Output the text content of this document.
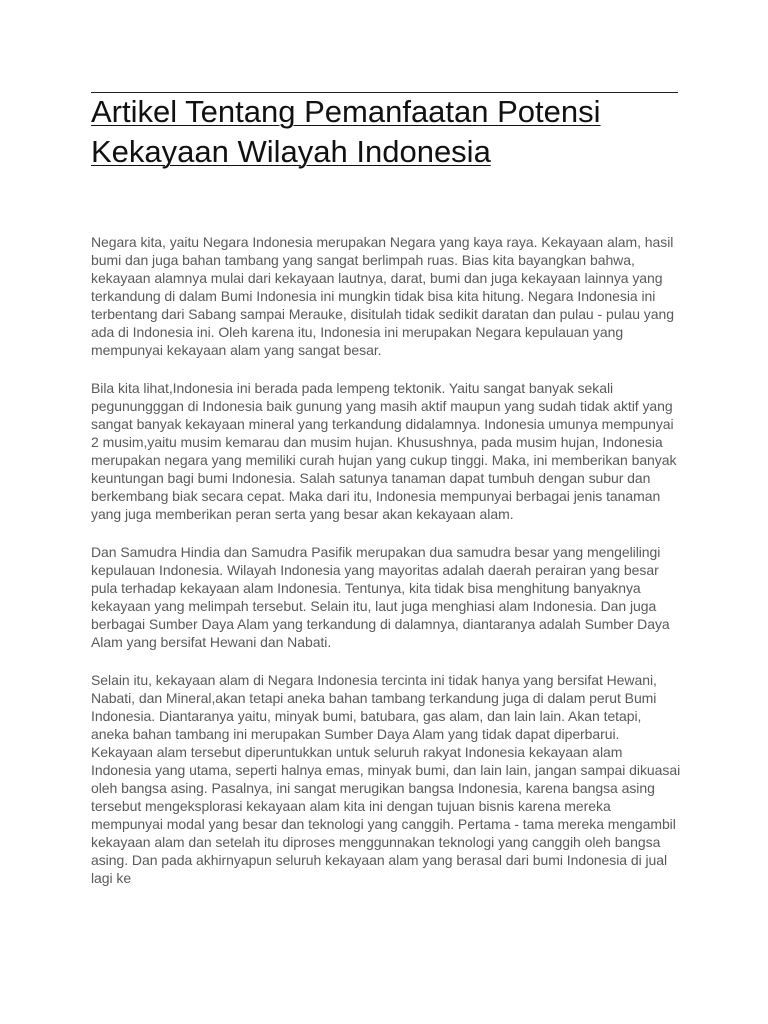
Artikel Tentang Pemanfaatan Potensi Kekayaan Wilayah Indonesia

Negara kita, yaitu Negara Indonesia merupakan Negara yang kaya raya. Kekayaan alam, hasil bumi dan juga bahan tambang yang sangat berlimpah ruas. Bias kita bayangkan bahwa, kekayaan alamnya mulai dari kekayaan lautnya, darat, bumi dan juga kekayaan lainnya yang terkandung di dalam Bumi Indonesia ini mungkin tidak bisa kita hitung. Negara Indonesia ini terbentang dari Sabang sampai Merauke, disitulah tidak sedikit daratan dan pulau - pulau yang ada di Indonesia ini. Oleh karena itu, Indonesia ini merupakan Negara kepulauan yang mempunyai kekayaan alam yang sangat besar.

Bila kita lihat,Indonesia ini berada pada lempeng tektonik. Yaitu sangat banyak sekali pegunungggan di Indonesia baik gunung yang masih aktif maupun yang sudah tidak aktif yang sangat banyak kekayaan mineral yang terkandung didalamnya. Indonesia umunya mempunyai 2 musim,yaitu musim kemarau dan musim hujan. Khusushnya, pada musim hujan, Indonesia merupakan negara yang memiliki curah hujan yang cukup tinggi. Maka, ini memberikan banyak keuntungan bagi bumi Indonesia. Salah satunya tanaman dapat tumbuh dengan subur dan berkembang biak secara cepat. Maka dari itu, Indonesia mempunyai berbagai jenis tanaman yang juga memberikan peran serta yang besar akan kekayaan alam.

Dan Samudra Hindia dan Samudra Pasifik merupakan dua samudra besar yang mengelilingi kepulauan Indonesia. Wilayah Indonesia yang mayoritas adalah daerah perairan yang besar pula terhadap kekayaan alam Indonesia. Tentunya, kita tidak bisa menghitung banyaknya kekayaan yang melimpah tersebut. Selain itu, laut juga menghiasi alam Indonesia. Dan juga berbagai Sumber Daya Alam yang terkandung di dalamnya, diantaranya adalah Sumber Daya Alam yang bersifat Hewani dan Nabati.

Selain itu, kekayaan alam di Negara Indonesia tercinta ini tidak hanya yang bersifat Hewani, Nabati, dan Mineral,akan tetapi aneka bahan tambang terkandung juga di dalam perut Bumi Indonesia. Diantaranya yaitu, minyak bumi, batubara, gas alam, dan lain lain. Akan tetapi, aneka bahan tambang ini merupakan Sumber Daya Alam yang tidak dapat diperbarui. Kekayaan alam tersebut diperuntukkan untuk seluruh rakyat Indonesia kekayaan alam Indonesia yang utama, seperti halnya emas, minyak bumi, dan lain lain, jangan sampai dikuasai oleh bangsa asing. Pasalnya, ini sangat merugikan bangsa Indonesia, karena bangsa asing tersebut mengeksplorasi kekayaan alam kita ini dengan tujuan bisnis karena mereka mempunyai modal yang besar dan teknologi yang canggih. Pertama - tama mereka mengambil kekayaan alam dan setelah itu diproses menggunnakan teknologi yang canggih oleh bangsa asing. Dan pada akhirnyapun seluruh kekayaan alam yang berasal dari bumi Indonesia di jual lagi ke
